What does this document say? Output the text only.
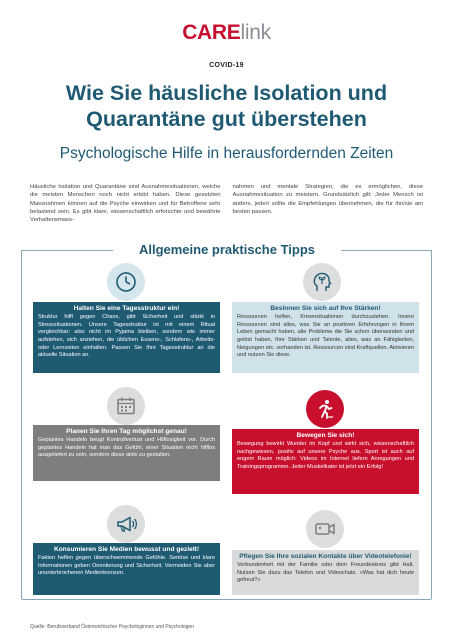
CARElink
COVID-19
Wie Sie häusliche Isolation und
Quarantäne gut überstehen
Psychologische Hilfe in herausfordernden Zeiten

Häusliche Isolation und Quarantäne sind Ausnahmesituationen, welche die meisten Menschen noch nicht erlebt haben. Diese gesetzten Massnahmen können auf die Psyche einwirken und für Betroffene sehr belastend sein. Es gibt klare, wissenschaftlich erforschte und bewährte Verhaltensmass-

nahmen und mentale Strategien, die es ermöglichen, diese Ausnahmesituation zu meistern. Grundsätzlich gilt: Jeder Mensch ist anders, jede/r sollte die Empfehlungen übernehmen, die für ihn/sie am besten passen.

Allgemeine praktische Tipps
Halten Sie eine Tagesstruktur ein!
Struktur hilft gegen Chaos, gibt Sicherheit und stärkt in Stresssituationen. Unsere Tagesstruktur ist mit einem Ritual vergleichbar: also nicht im Pyjama bleiben, sondern wie immer aufstehen, sich anziehen, die üblichen Essens-, Schlafens-, Arbeits- oder Lernzeiten einhalten. Passen Sie Ihre Tagesstruktur an die aktuelle Situation an.
Besinnen Sie sich auf Ihre Stärken!
Ressourcen helfen, Krisensituationen durchzustehen. Innere Ressourcen sind alles, was Sie an positiven Erfahrungen in Ihrem Leben gemacht haben, alle Probleme die Sie schon überwunden und gelöst haben, Ihre Stärken und Talente, alles, was an Fähigkeiten, Neigungen etc. vorhanden ist. Ressourcen sind Kraftquellen. Aktivieren und nutzen Sie diese.
Planen Sie Ihren Tag möglichst genau!
Geplantes Handeln beugt Kontrollverlust und Hilflosigkeit vor. Durch geplantes Handeln hat man das Gefühl, einer Situation nicht hilflos ausgeliefert zu sein, sondern diese aktiv zu gestalten.
Bewegen Sie sich!
Bewegung bewirkt Wunder im Kopf und wirkt sich, wissenschaftlich nachgewiesen, positiv auf unsere Psyche aus. Sport ist auch auf engem Raum möglich: Videos im Internet liefern Anregungen und Trainingsprogramme. Jeder Muskelkater ist jetzt ein Erfolg!
Konsumieren Sie Medien bewusst und gezielt!
Fakten helfen gegen überschwemmende Gefühle. Seriöse und klare Informationen geben Orientierung und Sicherheit. Vermeiden Sie aber ununterbrochenen Medienkonsum.
Pflegen Sie Ihre sozialen Kontakte über Videotelefonie!
Verbundenheit mit der Familie oder dem Freundeskreis gibt Halt. Nutzen Sie dazu das Telefon und Videochats. «Was hat dich heute gefreut?»
Quelle: Berufsverband Österreichischer Psychologinnen und Psychologen
